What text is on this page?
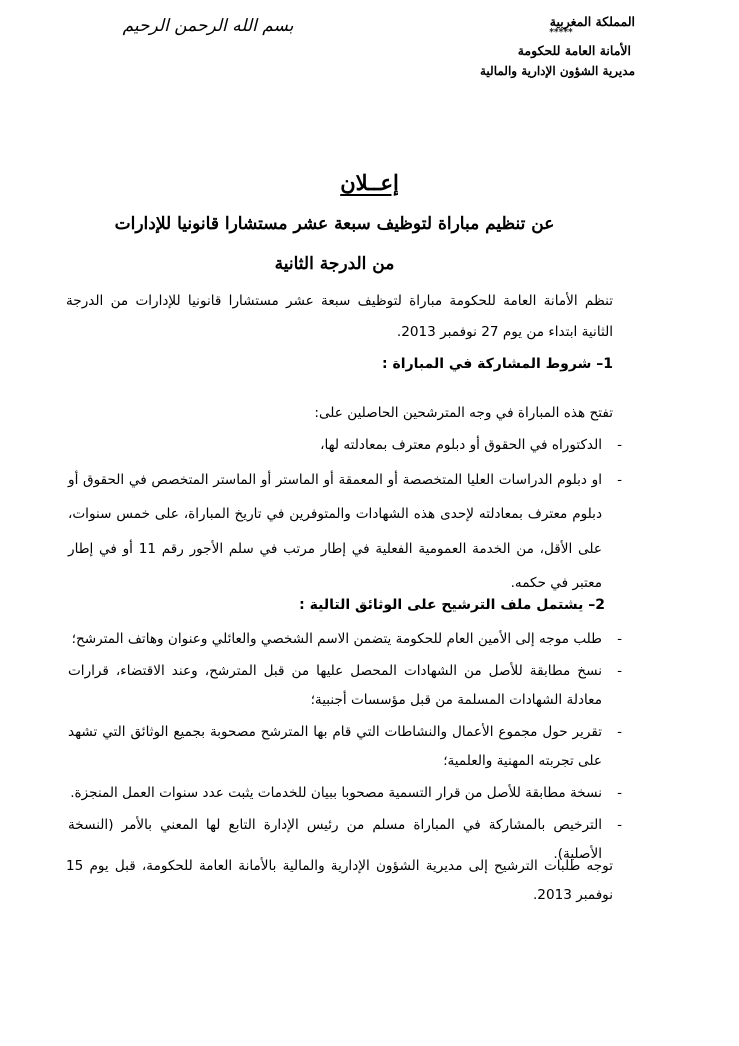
المملكة المغربية
*****
الأمانة العامة للحكومة
مديرية الشؤون الإدارية والمالية
بسم الله الرحمن الرحيم
إعــلان
عن تنظيم مباراة لتوظيف سبعة عشر مستشارا قانونيا للإدارات
من الدرجة الثانية
تنظم الأمانة العامة للحكومة مباراة لتوظيف سبعة عشر مستشارا قانونيا للإدارات من الدرجة الثانية ابتداء من يوم 27 نوفمبر 2013.
1– شروط المشاركة في المباراة :
تفتح هذه المباراة في وجه المترشحين الحاصلين على:
-
الدكتوراه في الحقوق أو دبلوم معترف بمعادلته لها،
-
او دبلوم الدراسات العليا المتخصصة أو المعمقة أو الماستر أو الماستر المتخصص في الحقوق أو دبلوم معترف بمعادلته لإحدى هذه الشهادات والمتوفرين في تاريخ المباراة، على خمس سنوات، على الأقل، من الخدمة العمومية الفعلية في إطار مرتب في سلم الأجور رقم 11 أو في إطار معتبر في حكمه.
2– يشتمل ملف الترشيح على الوثائق التالية :
-
طلب موجه إلى الأمين العام للحكومة يتضمن الاسم الشخصي والعائلي وعنوان وهاتف المترشح؛
-
نسخ مطابقة للأصل من الشهادات المحصل عليها من قبل المترشح، وعند الاقتضاء، قرارات معادلة الشهادات المسلمة من قبل مؤسسات أجنبية؛
-
تقرير حول مجموع الأعمال والنشاطات التي قام بها المترشح مصحوبة بجميع الوثائق التي تشهد على تجربته المهنية والعلمية؛
-
نسخة مطابقة للأصل من قرار التسمية مصحوبا ببيان للخدمات يثبت عدد سنوات العمل المنجزة.
-
الترخيص بالمشاركة في المباراة مسلم من رئيس الإدارة التابع لها المعني بالأمر (النسخة الأصلية).
توجه طلبات الترشيح إلى مديرية الشؤون الإدارية والمالية بالأمانة العامة للحكومة، قبل يوم 15 نوفمبر 2013.
